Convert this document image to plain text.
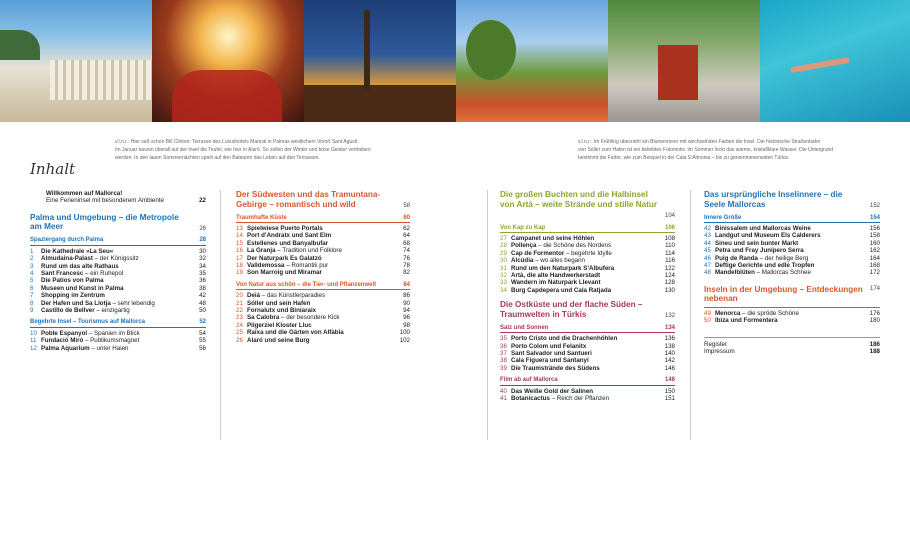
v.l.n.r.: Hier saß schon Bill Clinton: Terrasse des Luxushotels Marical in Palmas westlichem Vorort Sant Agustí;
Im Januar tanzen überall auf der Insel die Teufel, wie hier in Alaró. So sollen der Winter und böse Geister vertrieben
werden. In den lauen Sommernächten spielt auf den Balearen das Leben auf den Terrassen.
v.l.n.r.: Im Frühling überzieht ein Blumenmeer mit wechselnden Farben die Insel. Die historische Straßenbahn
von Sóller zum Hafen ist ein beliebtes Fotomotiv. Im Sommer lockt das warme, kristallklare Wasser. Die Untergrund
bestimmt die Farbe, wie zum Beispiel in der Cala S’Almonia – bis zu genommenenesten Türkis.
Inhalt
Willkommen auf Mallorca!
Eine Ferieninsel mit besonderem Ambiente	22
Palma und Umgebung – die Metropole am Meer	26
Spaziergang durch Palma	28
1 Die Kathedrale »La Seu«	30
2 Almudaina-Palast – der Königssitz	32
3 Rund um das alte Rathaus	34
4 Sant Francesc – ein Ruhepol	35
5 Die Patios von Palma	36
6 Museen und Kunst in Palma	38
7 Shopping im Zentrum	42
8 Der Hafen und Sa Llotja – sehr lebendig	48
9 Castillo de Bellver – einzigartig	50
Begehrte Insel – Tourismus auf Mallorca	52
10 Poble Espanyol – Spanien im Blick	54
11 Fundació Miró – Publikumsmagnet	55
12 Palma Aquarium – unter Haien	56
Der Südwesten und das Tramuntana-Gebirge – romantisch und wild	58
Traumhafte Küste	60
13 Spielwiese Puerto Portals	62
14 Port d’Andratx und Sant Elm	64
15 Estellenes und Banyalbufar	68
16 La Granja – Tradition und Folklore	74
17 Der Naturpark Es Galatzó	76
18 Valldemossa – Romantik pur	78
19 Son Marroig und Miramar	82
Von Natur aus schön – die Tier- und Pflanzenwelt	84
20 Deià – das Künstlerparadies	86
21 Sóller und sein Hafen	90
22 Fornalutx und Biniaraix	94
23 Sa Calobra – der besondere Kick	96
24 Pilgerziel Kloster Lluc	98
25 Raixa und die Gärten von Alfàbia	100
26 Alaró und seine Burg	102
Die großen Buchten und die Halbinsel von Artà – weite Strände und stille Natur
104
Von Kap zu Kap	106
27 Campanet und seine Höhlen	108
28 Pollença – die Schöne des Nordens	110
29 Cap de Formentor – begehrte Idylle	114
30 Alcúdia – wo alles begann	116
31 Rund um den Naturpark S’Albufera	122
32 Artà, die alte Handwerkerstadt	124
33 Wandern im Naturpark Llevant	128
34 Burg Capdepera und Cala Ratjada	130
Die Ostküste und der flache Süden – Traumwelten in Türkis	132
Salz und Sonnen	134
35 Porto Cristo und die Drachenhöhlen	136
36 Porto Colom und Felanitx	138
37 Sant Salvador und Santueri	140
38 Cala Figuera und Santanyí	142
39 Die Traumstrände des Südens	146
Film ab auf Mallorca	148
40 Das Weiße Gold der Salinen	150
41 Botanicactus – Reich der Pflanzen	151
Das ursprüngliche Inselinnere – die Seele Mallorcas	152
Innere Größe	154
42 Binissalem und Mallorcas Weine	156
43 Landgut und Museum Els Calderers	158
44 Sineu und sein bunter Markt	160
45 Petra und Fray Junípero Serra	162
46 Puig de Randa – der heilige Berg	164
47 Deftige Gerichte und edle Tropfen	168
48 Mandelblüten – Mallorcas Schnee	172
Inseln in der Umgebung – Entdeckungen nebenan
174
49 Menorca – die spröde Schöne	176
50 Ibiza und Formentera	180
Register	186
Impressum	188
